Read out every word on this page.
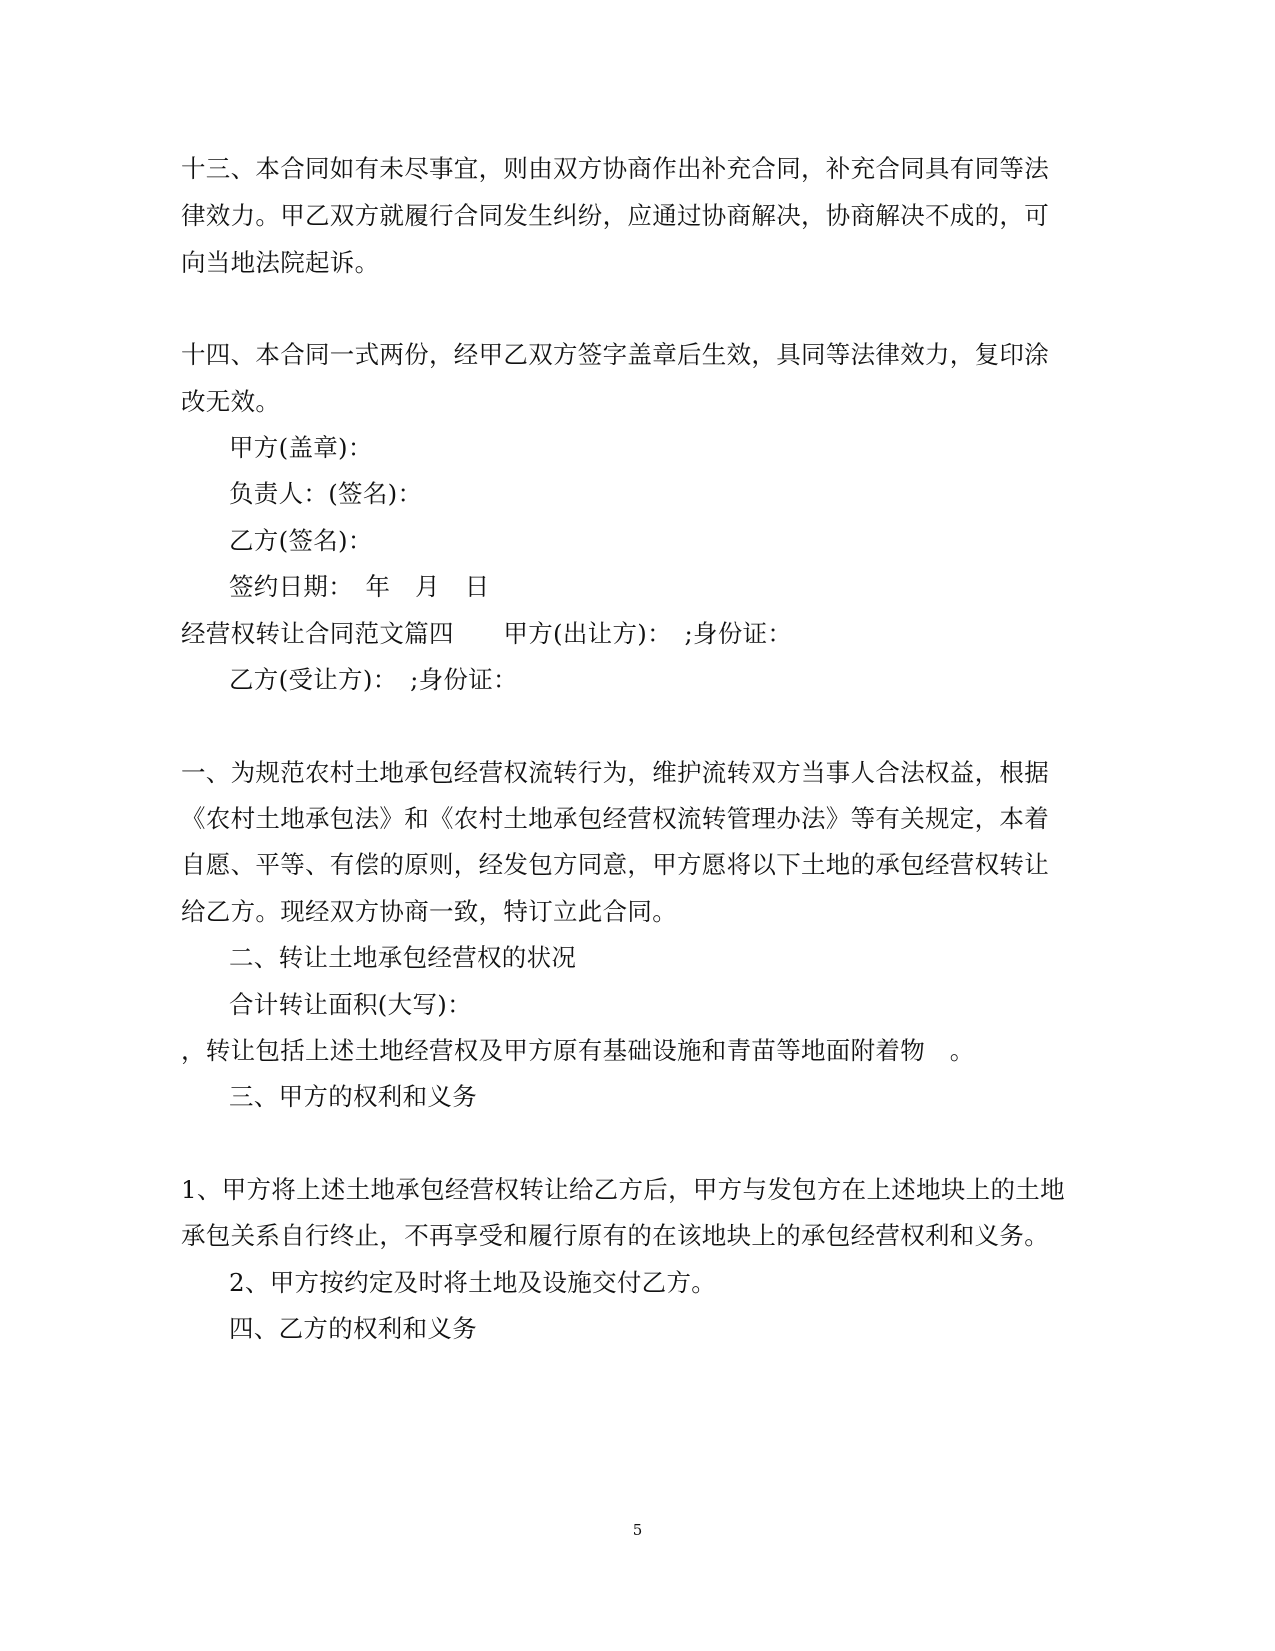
十三、本合同如有未尽事宜，则由双方协商作出补充合同，补充合同具有同等法
律效力。甲乙双方就履行合同发生纠纷，应通过协商解决，协商解决不成的，可
向当地法院起诉。
十四、本合同一式两份，经甲乙双方签字盖章后生效，具同等法律效力，复印涂
改无效。
甲方(盖章)：
负责人：(签名)：
乙方(签名)：
签约日期：　年　月　日
经营权转让合同范文篇四　　甲方(出让方)：　;身份证：
乙方(受让方)：　;身份证：
一、为规范农村土地承包经营权流转行为，维护流转双方当事人合法权益，根据
《农村土地承包法》和《农村土地承包经营权流转管理办法》等有关规定，本着
自愿、平等、有偿的原则，经发包方同意，甲方愿将以下土地的承包经营权转让
给乙方。现经双方协商一致，特订立此合同。
二、转让土地承包经营权的状况
合计转让面积(大写)：
，转让包括上述土地经营权及甲方原有基础设施和青苗等地面附着物　。
三、甲方的权利和义务
1、甲方将上述土地承包经营权转让给乙方后，甲方与发包方在上述地块上的土地
承包关系自行终止，不再享受和履行原有的在该地块上的承包经营权利和义务。
2、甲方按约定及时将土地及设施交付乙方。
四、乙方的权利和义务
5
